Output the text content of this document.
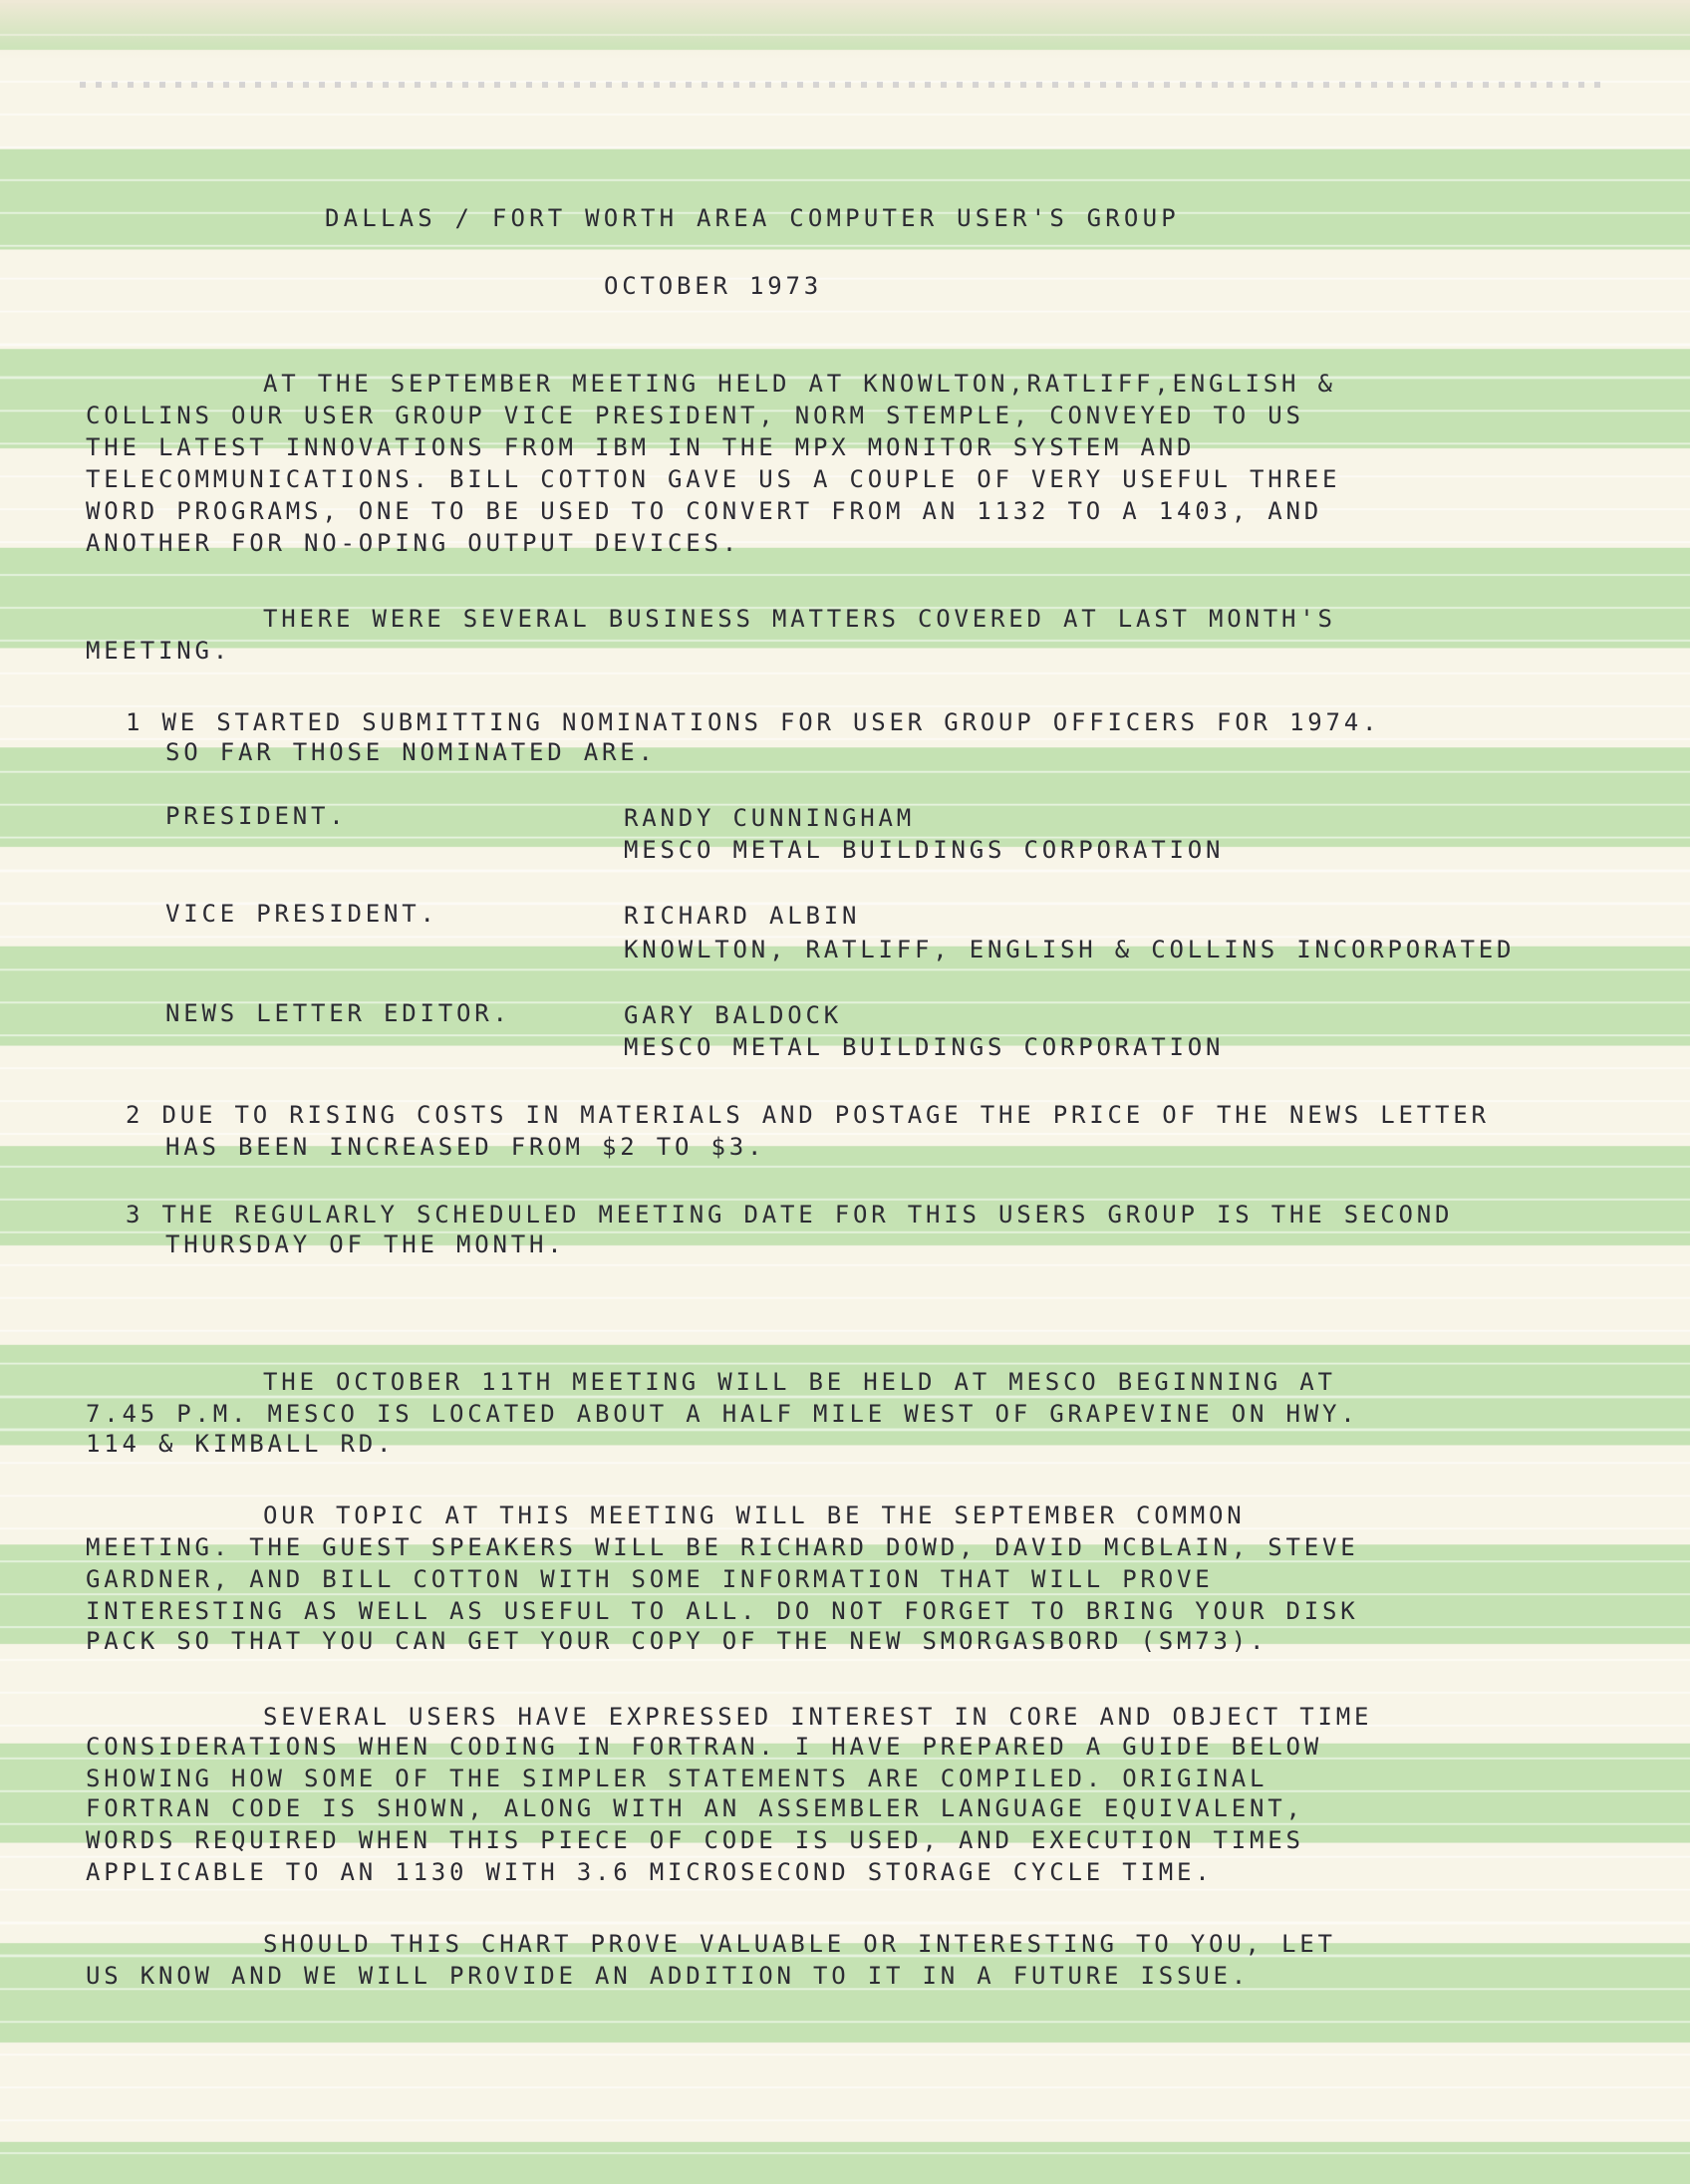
DALLAS / FORT WORTH AREA COMPUTER USER'S GROUP
OCTOBER 1973
AT THE SEPTEMBER MEETING HELD AT KNOWLTON,RATLIFF,ENGLISH &
COLLINS OUR USER GROUP VICE PRESIDENT, NORM STEMPLE, CONVEYED TO US
THE LATEST INNOVATIONS FROM IBM IN THE MPX MONITOR SYSTEM AND
TELECOMMUNICATIONS. BILL COTTON GAVE US A COUPLE OF VERY USEFUL THREE
WORD PROGRAMS, ONE TO BE USED TO CONVERT FROM AN 1132 TO A 1403, AND
ANOTHER FOR NO-OPING OUTPUT DEVICES.
THERE WERE SEVERAL BUSINESS MATTERS COVERED AT LAST MONTH'S
MEETING.
1 WE STARTED SUBMITTING NOMINATIONS FOR USER GROUP OFFICERS FOR 1974.
SO FAR THOSE NOMINATED ARE.
PRESIDENT.	RANDY CUNNINGHAM
MESCO METAL BUILDINGS CORPORATION
VICE PRESIDENT.	RICHARD ALBIN
KNOWLTON, RATLIFF, ENGLISH & COLLINS INCORPORATED
NEWS LETTER EDITOR.	GARY BALDOCK
MESCO METAL BUILDINGS CORPORATION
2 DUE TO RISING COSTS IN MATERIALS AND POSTAGE THE PRICE OF THE NEWS LETTER
HAS BEEN INCREASED FROM $2 TO $3.
3 THE REGULARLY SCHEDULED MEETING DATE FOR THIS USERS GROUP IS THE SECOND
THURSDAY OF THE MONTH.
THE OCTOBER 11TH MEETING WILL BE HELD AT MESCO BEGINNING AT
7.45 P.M. MESCO IS LOCATED ABOUT A HALF MILE WEST OF GRAPEVINE ON HWY.
114 & KIMBALL RD.
OUR TOPIC AT THIS MEETING WILL BE THE SEPTEMBER COMMON
MEETING. THE GUEST SPEAKERS WILL BE RICHARD DOWD, DAVID MCBLAIN, STEVE
GARDNER, AND BILL COTTON WITH SOME INFORMATION THAT WILL PROVE
INTERESTING AS WELL AS USEFUL TO ALL. DO NOT FORGET TO BRING YOUR DISK
PACK SO THAT YOU CAN GET YOUR COPY OF THE NEW SMORGASBORD (SM73).
SEVERAL USERS HAVE EXPRESSED INTEREST IN CORE AND OBJECT TIME
CONSIDERATIONS WHEN CODING IN FORTRAN. I HAVE PREPARED A GUIDE BELOW
SHOWING HOW SOME OF THE SIMPLER STATEMENTS ARE COMPILED. ORIGINAL
FORTRAN CODE IS SHOWN, ALONG WITH AN ASSEMBLER LANGUAGE EQUIVALENT,
WORDS REQUIRED WHEN THIS PIECE OF CODE IS USED, AND EXECUTION TIMES
APPLICABLE TO AN 1130 WITH 3.6 MICROSECOND STORAGE CYCLE TIME.
SHOULD THIS CHART PROVE VALUABLE OR INTERESTING TO YOU, LET
US KNOW AND WE WILL PROVIDE AN ADDITION TO IT IN A FUTURE ISSUE.
